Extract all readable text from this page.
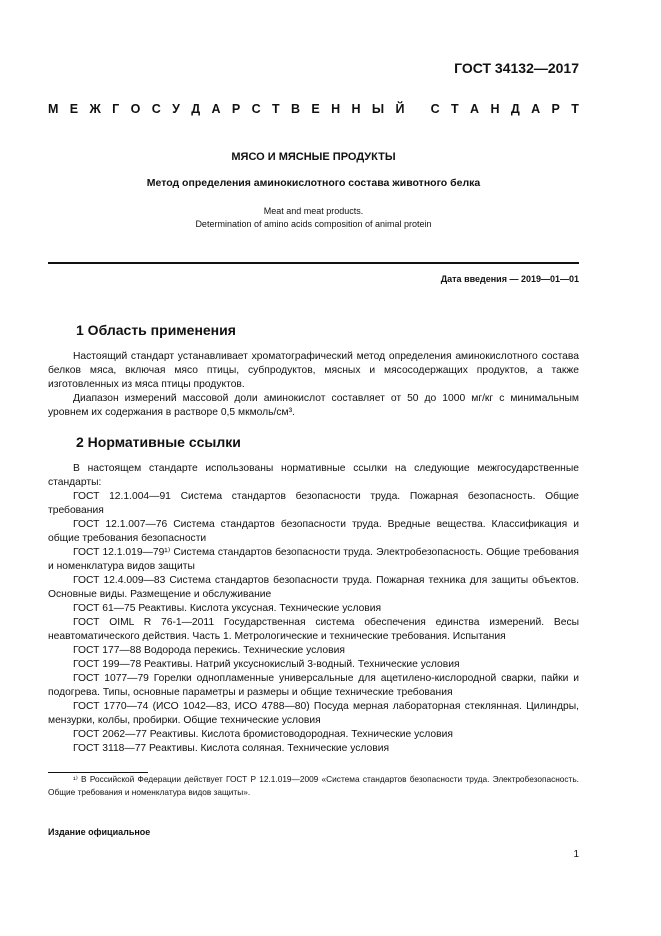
ГОСТ 34132—2017
М Е Ж Г О С У Д А Р С Т В Е Н Н Ы Й
С Т А Н Д А Р Т
МЯСО И МЯСНЫЕ ПРОДУКТЫ
Метод определения аминокислотного состава животного белка
Meat and meat products.
Determination of amino acids composition of animal protein
Дата введения — 2019—01—01
1 Область применения

Настоящий стандарт устанавливает хроматографический метод определения аминокислотного состава белков мяса, включая мясо птицы, субпродуктов, мясных и мясосодержащих продуктов, а также изготовленных из мяса птицы продуктов.

Диапазон измерений массовой доли аминокислот составляет от 50 до 1000 мг/кг с минимальным уровнем их содержания в растворе 0,5 мкмоль/см³.

2 Нормативные ссылки

В настоящем стандарте использованы нормативные ссылки на следующие межгосударственные стандарты:

ГОСТ 12.1.004—91 Система стандартов безопасности труда. Пожарная безопасность. Общие требования

ГОСТ 12.1.007—76 Система стандартов безопасности труда. Вредные вещества. Классификация и общие требования безопасности

ГОСТ 12.1.019—79¹⁾ Система стандартов безопасности труда. Электробезопасность. Общие требования и номенклатура видов защиты

ГОСТ 12.4.009—83 Система стандартов безопасности труда. Пожарная техника для защиты объектов. Основные виды. Размещение и обслуживание

ГОСТ 61—75 Реактивы. Кислота уксусная. Технические условия

ГОСТ OIML R 76-1—2011 Государственная система обеспечения единства измерений. Весы неавтоматического действия. Часть 1. Метрологические и технические требования. Испытания

ГОСТ 177—88 Водорода перекись. Технические условия

ГОСТ 199—78 Реактивы. Натрий уксуснокислый 3-водный. Технические условия

ГОСТ 1077—79 Горелки однопламенные универсальные для ацетилено-кислородной сварки, пайки и подогрева. Типы, основные параметры и размеры и общие технические требования

ГОСТ 1770—74 (ИСО 1042—83, ИСО 4788—80) Посуда мерная лабораторная стеклянная. Цилиндры, мензурки, колбы, пробирки. Общие технические условия

ГОСТ 2062—77 Реактивы. Кислота бромистоводородная. Технические условия

ГОСТ 3118—77 Реактивы. Кислота соляная. Технические условия

¹⁾ В Российской Федерации действует ГОСТ Р 12.1.019—2009 «Система стандартов безопасности труда. Электробезопасность. Общие требования и номенклатура видов защиты».
Издание официальное
1
